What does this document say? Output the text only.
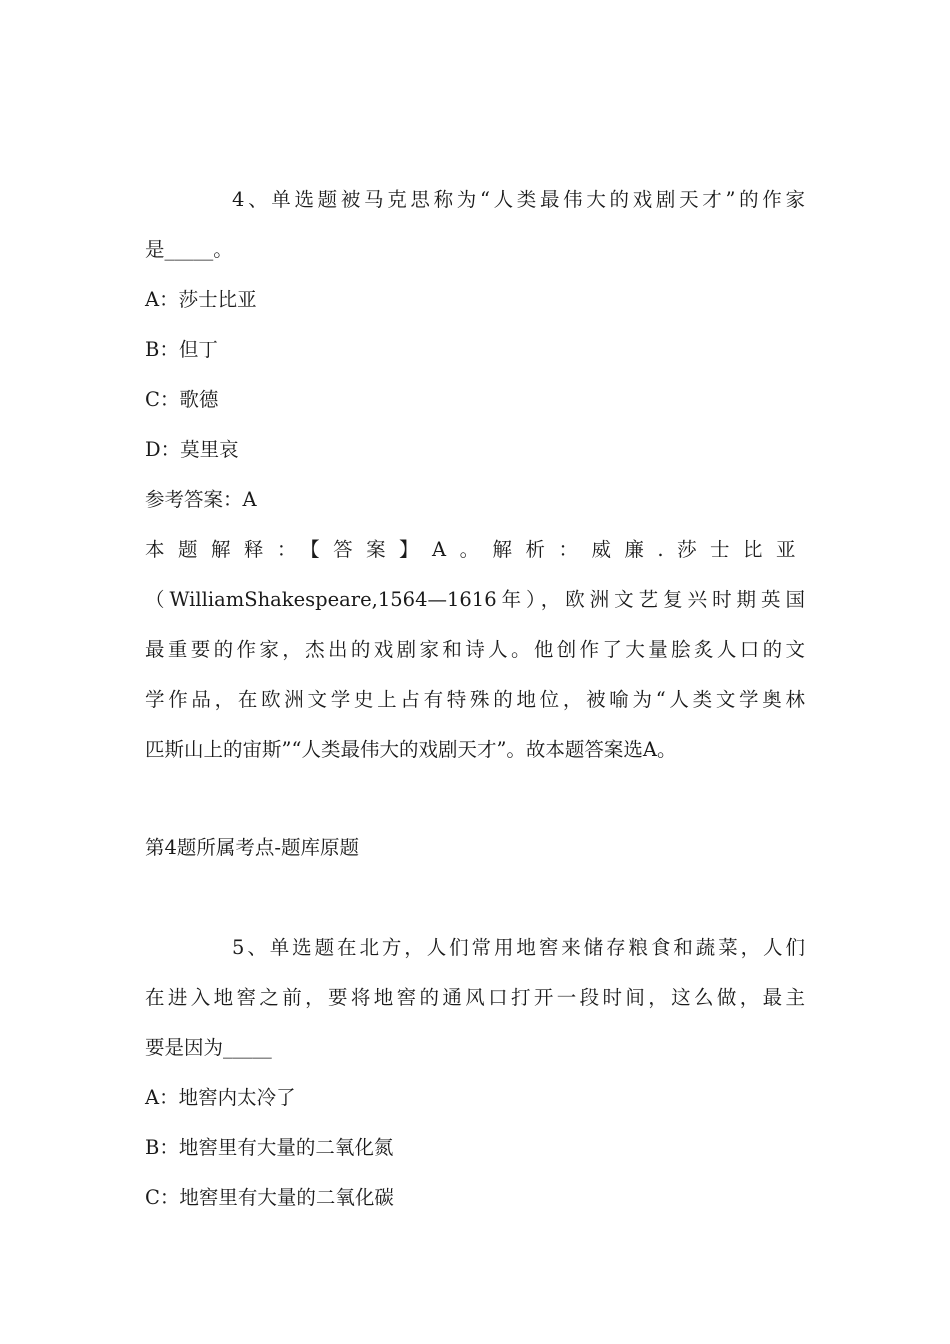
4、单选题被马克思称为“人类最伟大的戏剧天才”的作家
是_____。
A：莎士比亚
B：但丁
C：歌德
D：莫里哀
参考答案：A
本题解释：【答案】A。解析：威廉.莎士比亚
（WilliamShakespeare,1564—1616年），欧洲文艺复兴时期英国
最重要的作家，杰出的戏剧家和诗人。他创作了大量脍炙人口的文
学作品，在欧洲文学史上占有特殊的地位，被喻为“人类文学奥林
匹斯山上的宙斯”“人类最伟大的戏剧天才”。故本题答案选A。
第4题所属考点-题库原题
5、单选题在北方，人们常用地窖来储存粮食和蔬菜，人们
在进入地窖之前，要将地窖的通风口打开一段时间，这么做，最主
要是因为_____
A：地窖内太冷了
B：地窖里有大量的二氧化氮
C：地窖里有大量的二氧化碳
